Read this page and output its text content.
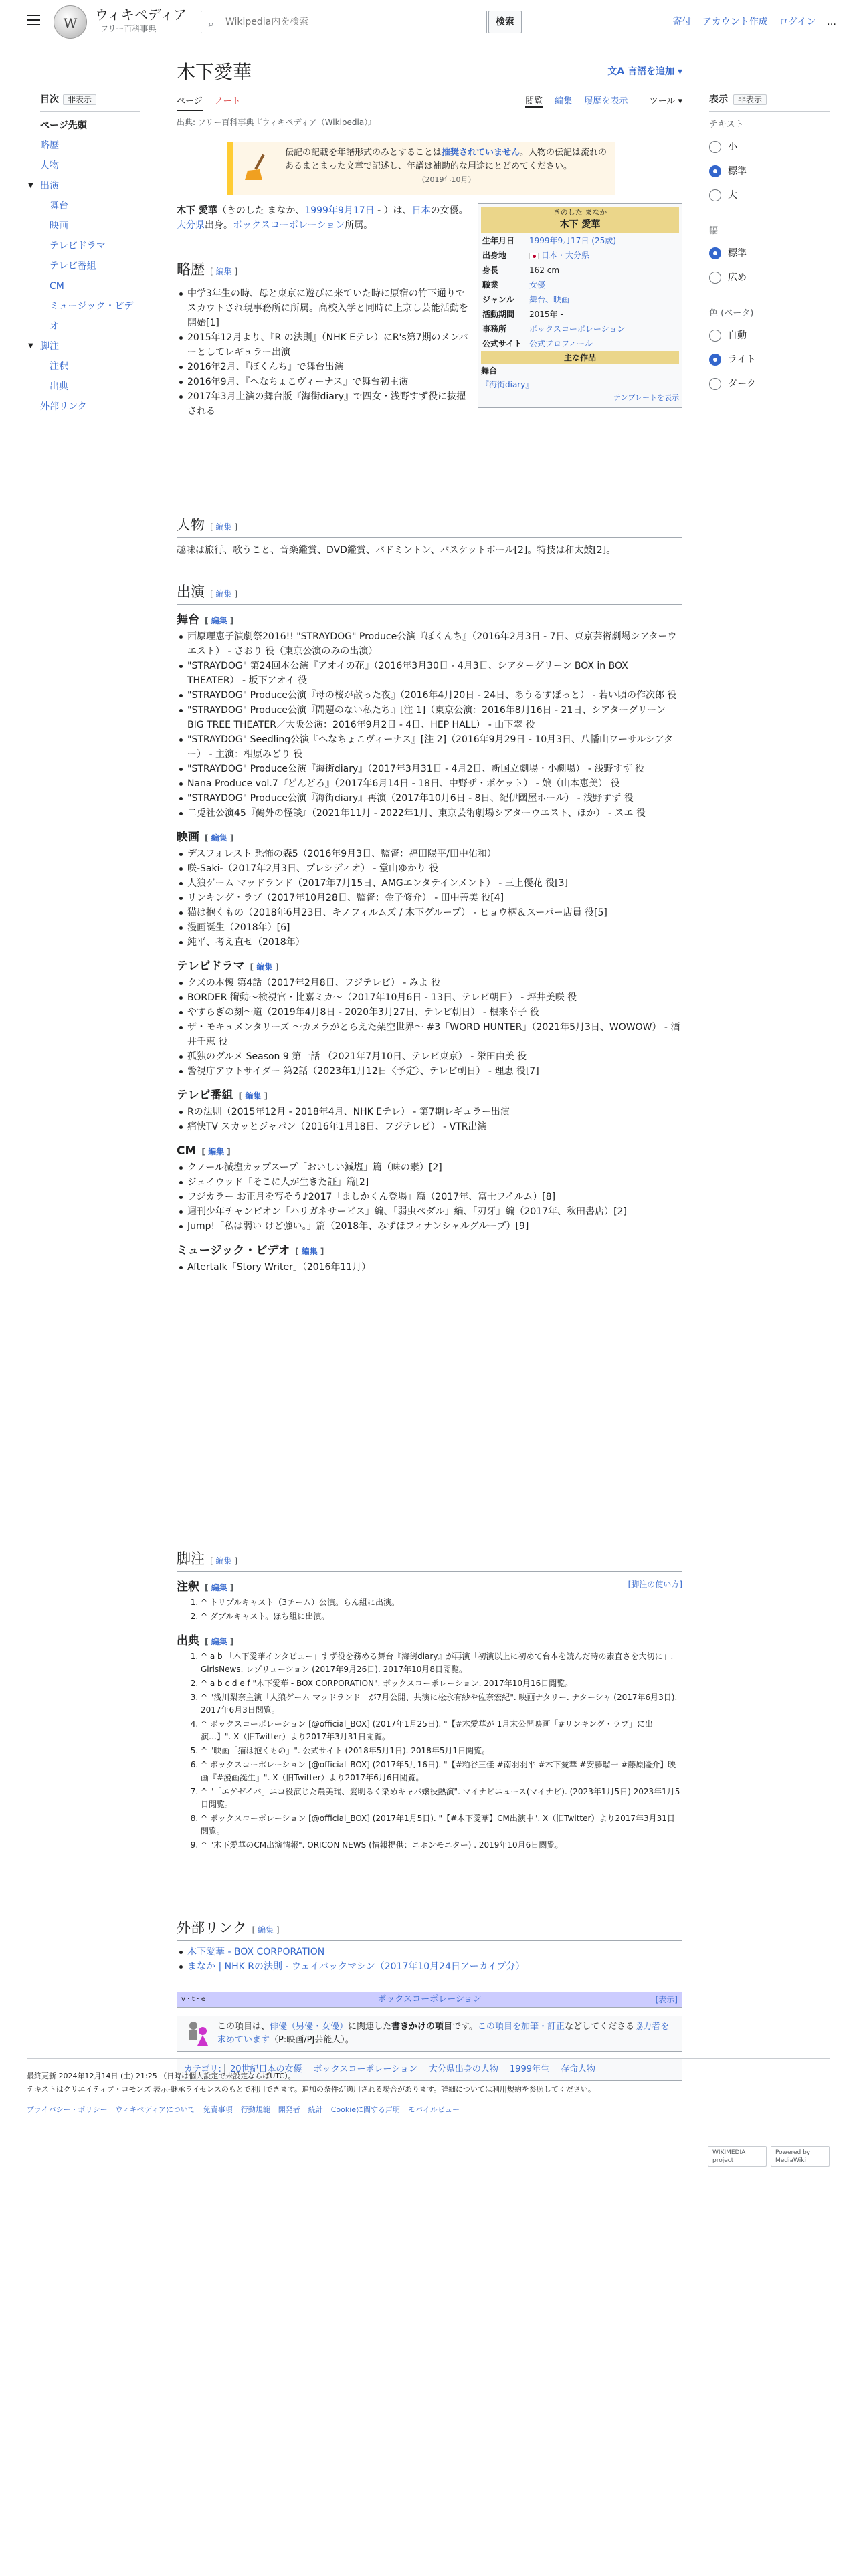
W
ウィキペディア
フリー百科事典	⌕
Wikipedia内を検索	検索	寄付 アカウント作成 ログイン …
目次 非表示
ページ先頭
略歴
人物
▼ 出演
舞台
映画
テレビドラマ
テレビ番組
CM
ミュージック・ビデオ
▼ 脚注
注釈
出典
外部リンク
表示 非表示
テキスト
小
標準
大
幅
標準
広め
色 (ベータ)
自動
ライト
ダーク
木下愛華	文A 言語を追加 ▾
ページ ノート	閲覧 編集 履歴を表示 ツール ▾
出典: フリー百科事典『ウィキペディア（Wikipedia）』
伝記の記載を年譜形式のみとすることは推奨されていません。人物の伝記は流れのあるまとまった文章で記述し、年譜は補助的な用途にとどめてください。
（2019年10月）
木下 愛華（きのした まなか、1999年9月17日 - ）は、日本の女優。大分県出身。ボックスコーポレーション所属。
きのした まなか
木下 愛華
生年月日	1999年9月17日 (25歳)
出身地	日本・大分県
身長	162 cm
職業	女優
ジャンル	舞台、映画
活動期間	2015年 -
事務所	ボックスコーポレーション
公式サイト	公式プロフィール
主な作品
舞台
『海街diary』
テンプレートを表示
略歴 [ 編集 ]
中学3年生の時、母と東京に遊びに来ていた時に原宿の竹下通りでスカウトされ現事務所に所属。高校入学と同時に上京し芸能活動を開始[1]
2015年12月より、『R の法則』（NHK Eテレ）にR's第7期のメンバーとしてレギュラー出演
2016年2月、『ぼくんち』で舞台出演
2016年9月、『へなちょこヴィーナス』で舞台初主演
2017年3月上演の舞台版『海街diary』で四女・浅野すず役に抜擢される
人物 [ 編集 ]

趣味は旅行、歌うこと、音楽鑑賞、DVD鑑賞、バドミントン、バスケットボール[2]。特技は和太鼓[2]。

出演 [ 編集 ]
舞台 [ 編集 ]
西原理恵子演劇祭2016!! "STRAYDOG" Produce公演『ぼくんち』（2016年2月3日 - 7日、東京芸術劇場シアターウエスト） - さおり 役（東京公演のみの出演）
"STRAYDOG" 第24回本公演『アオイの花』（2016年3月30日 - 4月3日、シアターグリーン BOX in BOX THEATER） - 坂下アオイ 役
"STRAYDOG" Produce公演『母の桜が散った夜』（2016年4月20日 - 24日、あうるすぽっと） - 若い頃の作次郎 役
"STRAYDOG" Produce公演『問題のない私たち』[注 1]（東京公演：2016年8月16日 - 21日、シアターグリーン BIG TREE THEATER／大阪公演：2016年9月2日 - 4日、HEP HALL） - 山下翠 役
"STRAYDOG" Seedling公演『へなちょこヴィーナス』[注 2]（2016年9月29日 - 10月3日、八幡山ワーサルシアター） - 主演：相原みどり 役
"STRAYDOG" Produce公演『海街diary』（2017年3月31日 - 4月2日、新国立劇場・小劇場） - 浅野すず 役
Nana Produce vol.7『どんどろ』（2017年6月14日 - 18日、中野ザ・ポケット） - 娘（山本恵美） 役
"STRAYDOG" Produce公演『海街diary』再演（2017年10月6日 - 8日、紀伊國屋ホール） - 浅野すず 役
二兎社公演45『鵺外の怪談』（2021年11月 - 2022年1月、東京芸術劇場シアターウエスト、ほか） - スエ 役
映画 [ 編集 ]
デスフォレスト 恐怖の森5（2016年9月3日、監督：福田陽平/田中佑和）
咲-Saki-（2017年2月3日、プレシディオ） - 堂山ゆかり 役
人狼ゲーム マッドランド（2017年7月15日、AMGエンタテインメント） - 三上優花 役[3]
リンキング・ラブ（2017年10月28日、監督：金子修介） - 田中善美 役[4]
猫は抱くもの（2018年6月23日、キノフィルムズ / 木下グループ） - ヒョウ柄＆スーパー店員 役[5]
漫画誕生（2018年）[6]
純平、考え直せ（2018年）
テレビドラマ [ 編集 ]
クズの本懐 第4話（2017年2月8日、フジテレビ） - みよ 役
BORDER 衝動〜検視官・比嘉ミカ〜（2017年10月6日 - 13日、テレビ朝日） - 坪井美咲 役
やすらぎの刻〜道（2019年4月8日 - 2020年3月27日、テレビ朝日） - 根来幸子 役
ザ・モキュメンタリーズ 〜カメラがとらえた架空世界〜 #3「WORD HUNTER」（2021年5月3日、WOWOW） - 酒井千恵 役
孤独のグルメ Season 9 第一話 （2021年7月10日、テレビ東京） - 栄田由美 役
警視庁アウトサイダー 第2話（2023年1月12日〈予定〉、テレビ朝日） - 理恵 役[7]
テレビ番組 [ 編集 ]
Rの法則（2015年12月 - 2018年4月、NHK Eテレ） - 第7期レギュラー出演
痛快TV スカッとジャパン（2016年1月18日、フジテレビ） - VTR出演
CM [ 編集 ]
クノール減塩カップスープ「おいしい減塩」篇（味の素）[2]
ジェイウッド「そこに人が生きた証」篇[2]
フジカラー お正月を写そう♪2017「ましかくん登場」篇（2017年、富士フイルム）[8]
週刊少年チャンピオン「ハリガネサービス」編、「弱虫ペダル」編、「刃牙」編（2017年、秋田書店）[2]
Jump!「私は弱い けど強い。」篇（2018年、みずほフィナンシャルグループ）[9]
ミュージック・ビデオ [ 編集 ]
Aftertalk「Story Writer」（2016年11月）
脚注 [ 編集 ]
注釈 [ 編集 ]	[脚注の使い方]
1. ^ トリプルキャスト（3チーム）公演。らん組に出演。
2. ^ ダブルキャスト。ほち組に出演。
出典 [ 編集 ]
1. ^ a b 「木下愛華インタビュー」すず役を務める舞台『海街diary』が再演「初演以上に初めて台本を読んだ時の素直さを大切に」. GirlsNews. レゾリューション (2017年9月26日). 2017年10月8日閲覧。
2. ^ a b c d e f "木下愛華 - BOX CORPORATION". ボックスコーポレーション. 2017年10月16日閲覧。
3. ^ "浅川梨奈主演「人狼ゲーム マッドランド」が7月公開、共演に松永有紗や佐奈宏紀". 映画ナタリー. ナターシャ (2017年6月3日). 2017年6月3日閲覧。
4. ^ ボックスコーポレーション [@official_BOX] (2017年1月25日). "【#木愛華が 1月末公開映画「#リンキング・ラブ」に出演…】". X（旧Twitter）より2017年3月31日閲覧。
5. ^ "映画「猫は抱くもの」". 公式サイト (2018年5月1日). 2018年5月1日閲覧。
6. ^ ボックスコーポレーション [@official_BOX] (2017年5月16日). "【#粕谷三佳 #南羽羽平 #木下愛華 #安藤瑠一 #藤原隆介】映画『#漫画誕生』". X（旧Twitter）より2017年6月6日閲覧。
7. ^ "「エゲゼイバ」ニコ役演じた農美瑞、髪明るく染めキャバ嬢役熱演". マイナビニュース(マイナビ). (2023年1月5日) 2023年1月5日閲覧。
8. ^ ボックスコーポレーション [@official_BOX] (2017年1月5日). "【#木下愛華】CM出演中". X（旧Twitter）より2017年3月31日閲覧。
9. ^ "木下愛華のCM出演情報". ORICON NEWS (情報提供：ニホンモニター) . 2019年10月6日閲覧。
外部リンク [ 編集 ]
木下愛華 - BOX CORPORATION
まなか | NHK Rの法則 - ウェイバックマシン（2017年10月24日アーカイブ分）
v・t・e	ボックスコーポレーション	[表示]
この項目は、俳優（男優・女優）に関連した書きかけの項目です。この項目を加筆・訂正などしてくださる協力者を求めています（P:映画/PJ芸能人）。
カテゴリ: 20世紀日本の女優 ボックスコーポレーション 大分県出身の人物 1999年生 存命人物
最終更新 2024年12月14日 (土) 21:25 （日時は個人設定で未設定ならばUTC）。
テキストはクリエイティブ・コモンズ 表示-継承ライセンスのもとで利用できます。追加の条件が適用される場合があります。詳細については利用規約を参照してください。
プライバシー・ポリシー ウィキペディアについて 免責事項 行動規範 開発者 統計 Cookieに関する声明 モバイルビュー
WIKIMEDIA projectPowered by MediaWiki
